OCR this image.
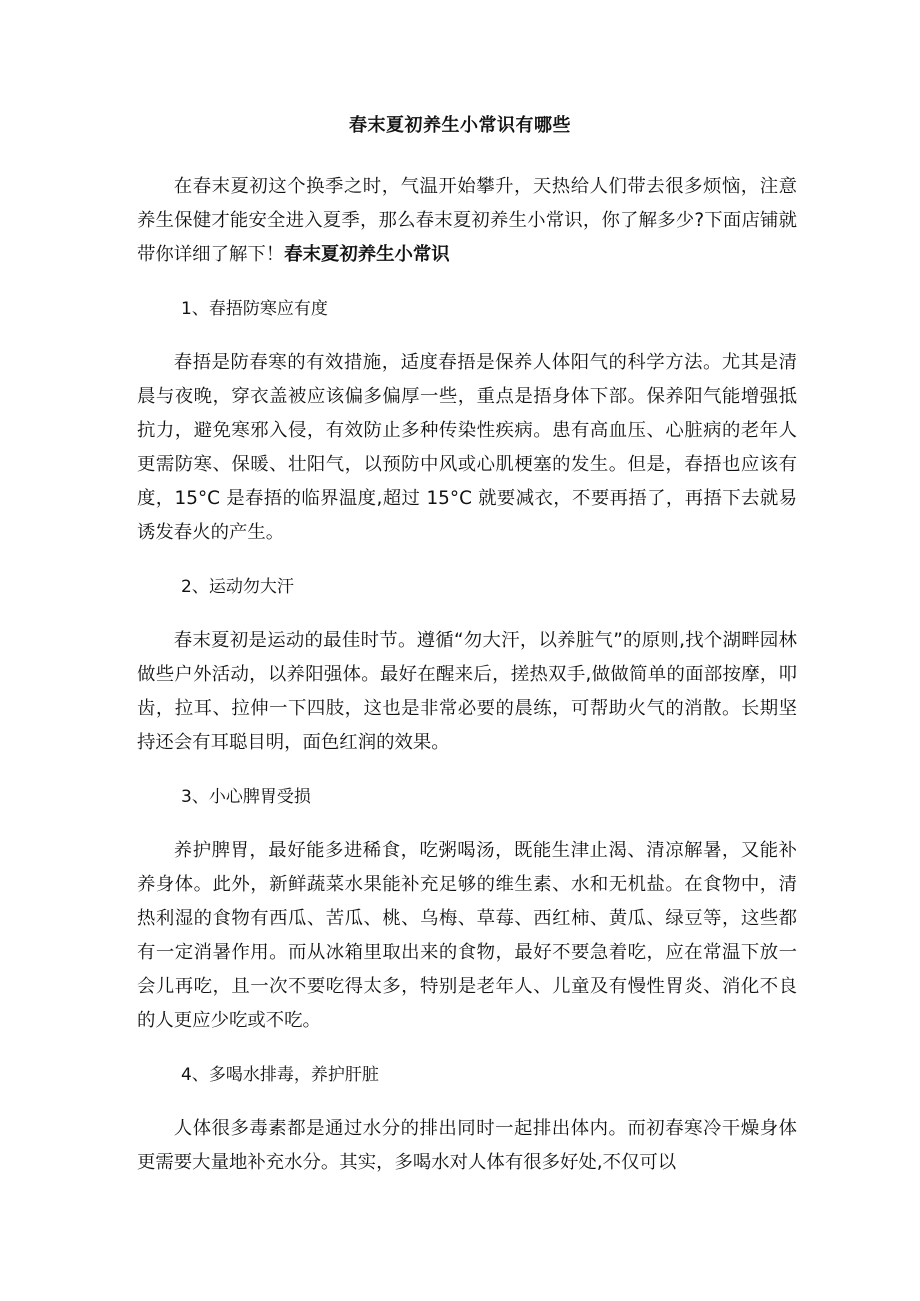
春末夏初养生小常识有哪些

在春末夏初这个换季之时，气温开始攀升，天热给人们带去很多烦恼，注意养生保健才能安全进入夏季，那么春末夏初养生小常识，你了解多少?下面店铺就带你详细了解下！春末夏初养生小常识

1、春捂防寒应有度

春捂是防春寒的有效措施，适度春捂是保养人体阳气的科学方法。尤其是清晨与夜晚，穿衣盖被应该偏多偏厚一些，重点是捂身体下部。保养阳气能增强抵抗力，避免寒邪入侵，有效防止多种传染性疾病。患有高血压、心脏病的老年人更需防寒、保暖、壮阳气，以预防中风或心肌梗塞的发生。但是，春捂也应该有度，15°C 是春捂的临界温度,超过 15°C 就要减衣，不要再捂了，再捂下去就易诱发春火的产生。

2、运动勿大汗

春末夏初是运动的最佳时节。遵循“勿大汗，以养脏气”的原则,找个湖畔园林做些户外活动，以养阳强体。最好在醒来后，搓热双手,做做简单的面部按摩，叩齿，拉耳、拉伸一下四肢，这也是非常必要的晨练，可帮助火气的消散。长期坚持还会有耳聪目明，面色红润的效果。

3、小心脾胃受损

养护脾胃，最好能多进稀食，吃粥喝汤，既能生津止渴、清凉解暑，又能补养身体。此外，新鲜蔬菜水果能补充足够的维生素、水和无机盐。在食物中，清热利湿的食物有西瓜、苦瓜、桃、乌梅、草莓、西红柿、黄瓜、绿豆等，这些都有一定消暑作用。而从冰箱里取出来的食物，最好不要急着吃，应在常温下放一会儿再吃，且一次不要吃得太多，特别是老年人、儿童及有慢性胃炎、消化不良的人更应少吃或不吃。

4、多喝水排毒，养护肝脏

人体很多毒素都是通过水分的排出同时一起排出体内。而初春寒冷干燥身体更需要大量地补充水分。其实，多喝水对人体有很多好处,不仅可以
